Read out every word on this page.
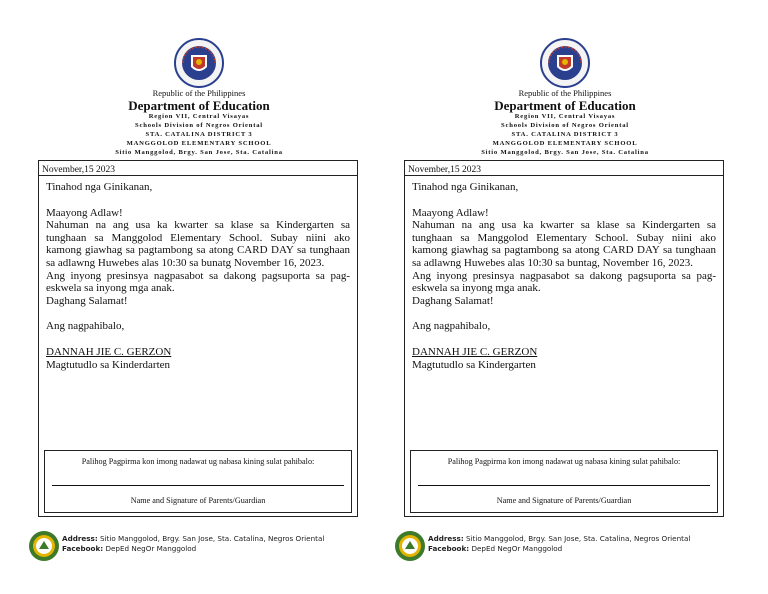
Republic of the Philippines
Department of Education
Region VII, Central Visayas
Schools Division of Negros Oriental
STA. CATALINA DISTRICT 3
MANGGOLOD ELEMENTARY SCHOOL
Sitio Manggolod, Brgy. San Jose, Sta. Catalina
November,15 2023

Tinahod nga Ginikanan,

Maayong Adlaw!

Nahuman na ang usa ka kwarter sa klase sa Kindergarten sa tunghaan sa Manggolod Elementary School. Subay niini ako kamong giawhag sa pagtambong sa atong CARD DAY sa tunghaan sa adlawng Huwebes alas 10:30 sa bunatg November 16, 2023.

Ang inyong presinsya nagpasabot sa dakong pagsuporta sa pag-eskwela sa inyong mga anak.

Daghang Salamat!

Ang nagpahibalo,

DANNAH JIE C. GERZON

Magtutudlo sa Kinderdarten

Palihog Pagpirma kon imong nadawat ug nabasa kining sulat pahibalo:
Name and Signature of Parents/Guardian
Address: Sitio Manggolod, Brgy. San Jose, Sta. Catalina, Negros Oriental
Facebook: DepEd NegOr Manggolod
Republic of the Philippines
Department of Education
Region VII, Central Visayas
Schools Division of Negros Oriental
STA. CATALINA DISTRICT 3
MANGGOLOD ELEMENTARY SCHOOL
Sitio Manggolod, Brgy. San Jose, Sta. Catalina
November,15 2023

Tinahod nga Ginikanan,

Maayong Adlaw!

Nahuman na ang usa ka kwarter sa klase sa Kindergarten sa tunghaan sa Manggolod Elementary School. Subay niini ako kamong giawhag sa pagtambong sa atong CARD DAY sa tunghaan sa adlawng Huwebes alas 10:30 sa buntag, November 16, 2023.

Ang inyong presinsya nagpasabot sa dakong pagsuporta sa pag-eskwela sa inyong mga anak.

Daghang Salamat!

Ang nagpahibalo,

DANNAH JIE C. GERZON

Magtutudlo sa Kindergarten

Palihog Pagpirma kon imong nadawat ug nabasa kining sulat pahibalo:
Name and Signature of Parents/Guardian
Address: Sitio Manggolod, Brgy. San Jose, Sta. Catalina, Negros Oriental
Facebook: DepEd NegOr Manggolod
